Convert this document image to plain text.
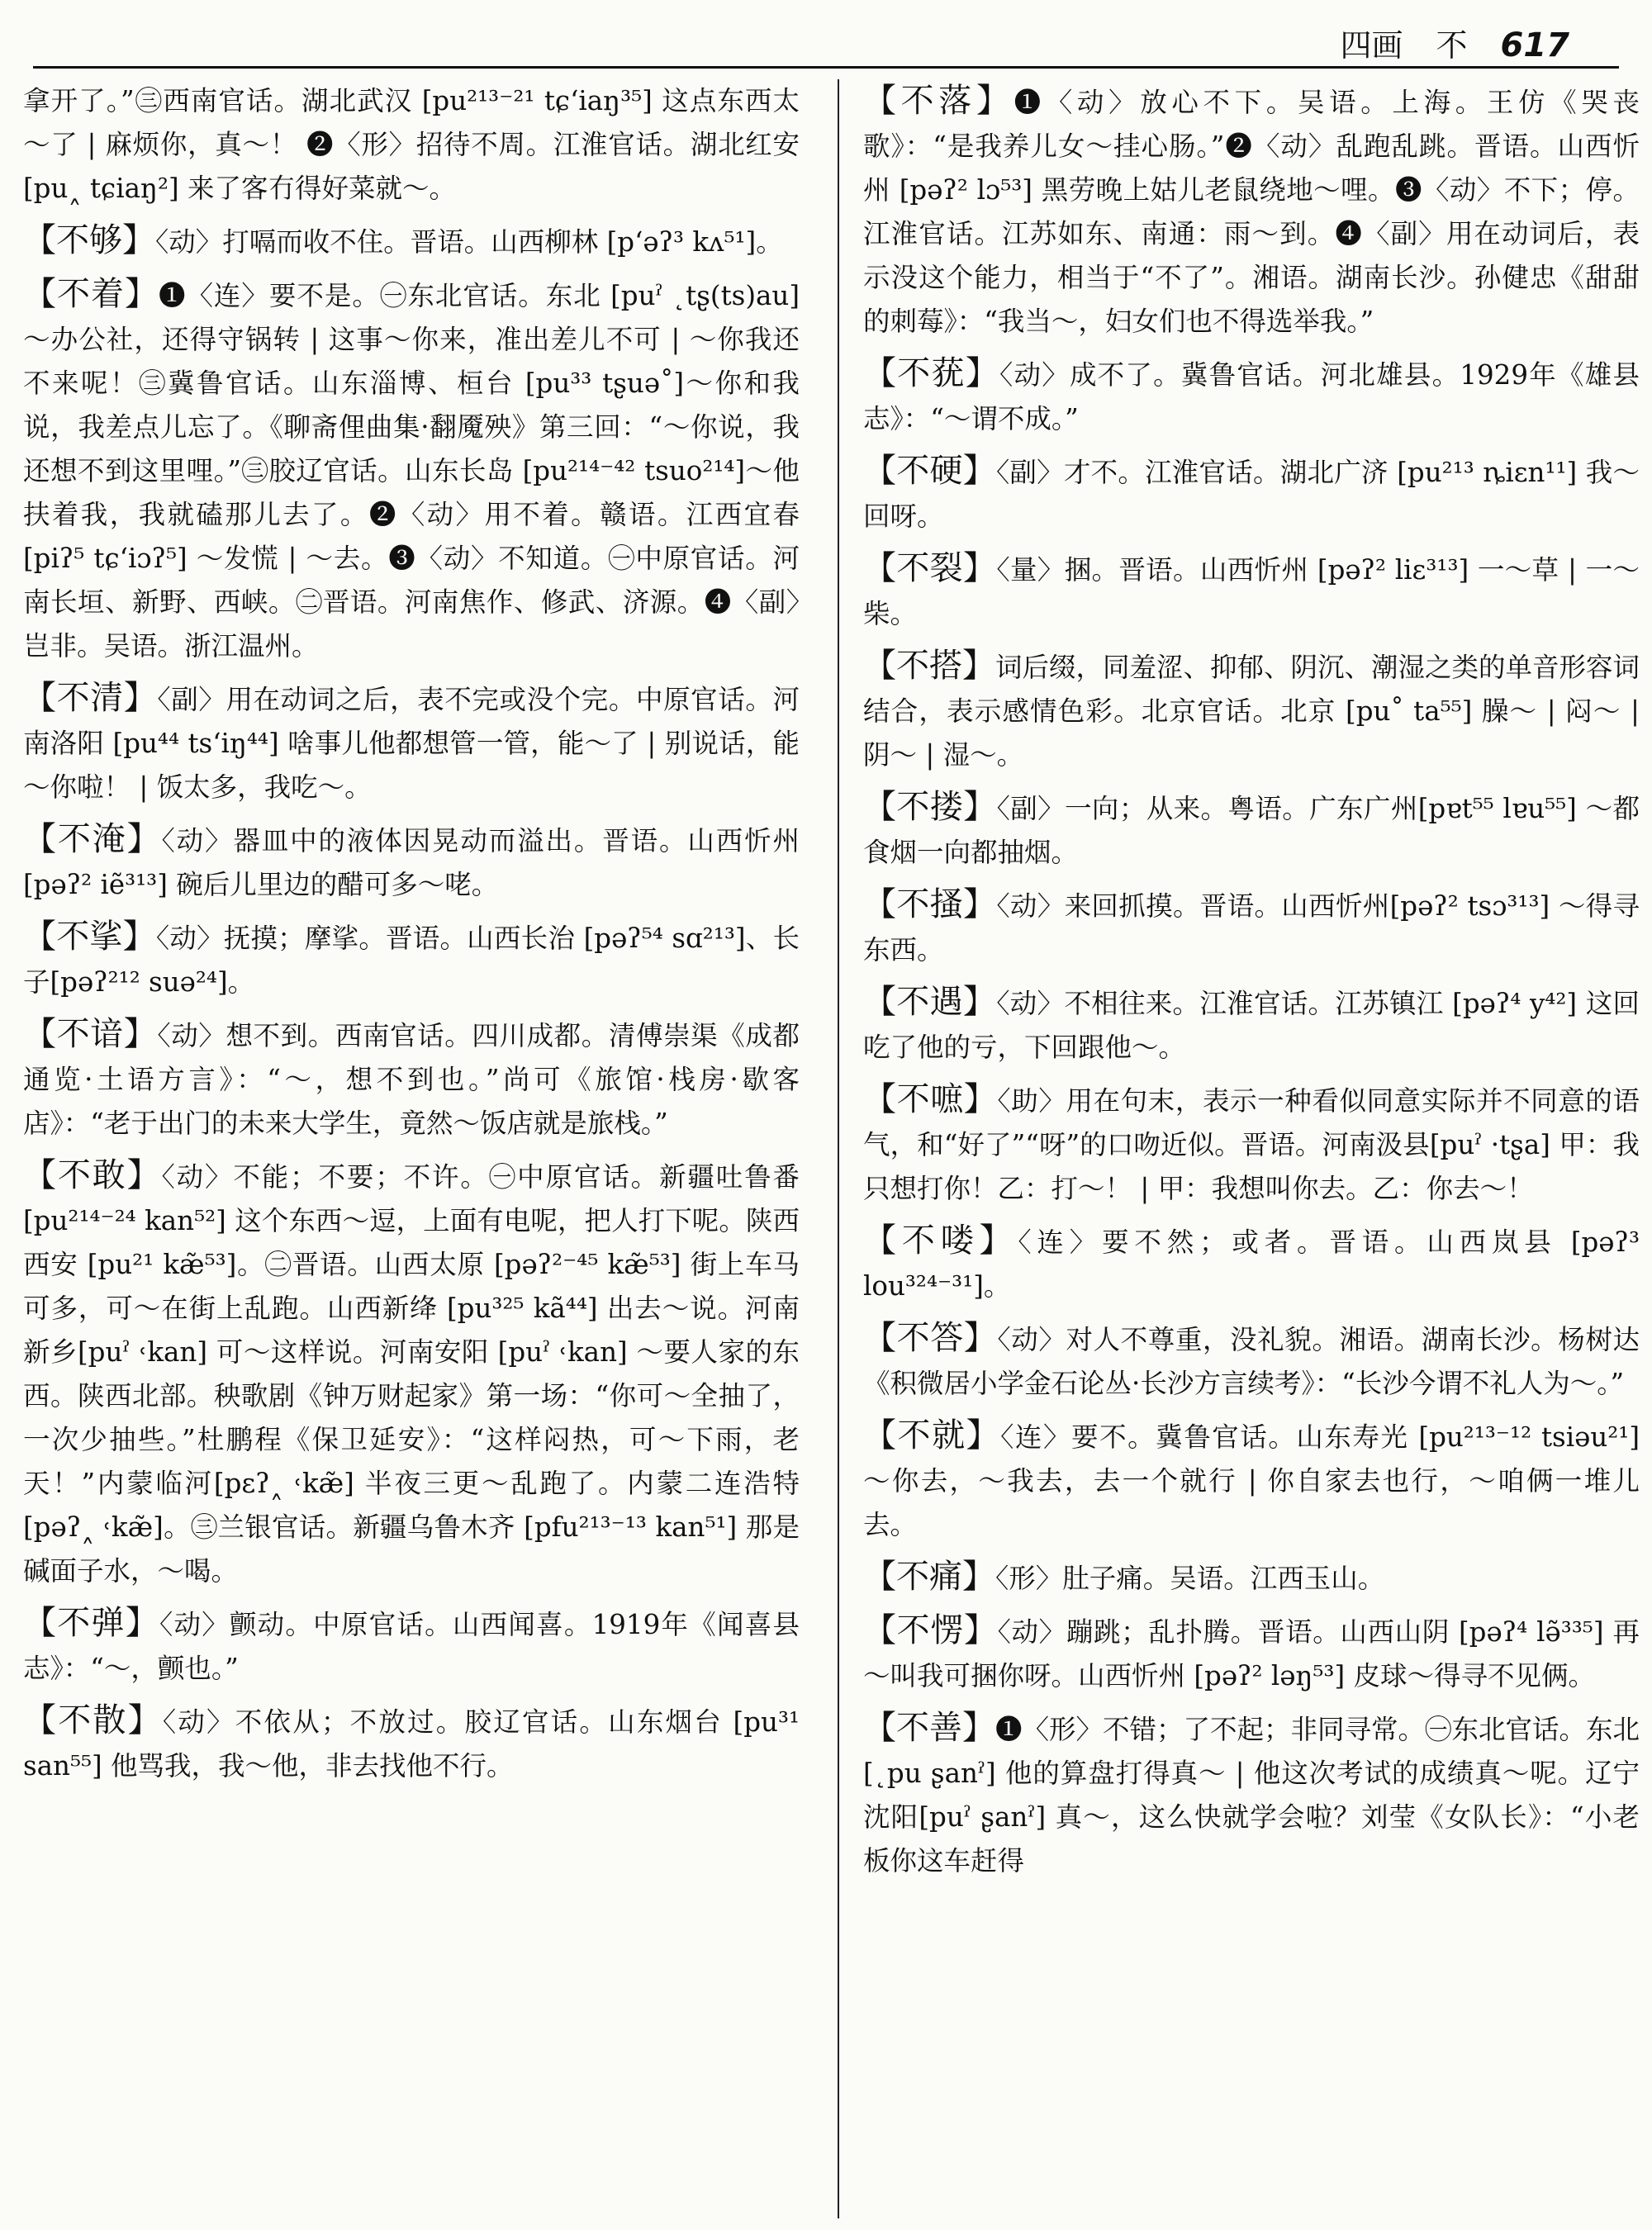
四画 不 617

拿开了。”㊂西南官话。湖北武汉 [pu²¹³⁻²¹ tɕʻiaŋ³⁵] 这点东西太～了 | 麻烦你，真～！ ❷〈形〉招待不周。江淮官话。湖北红安 [pu˰ tɕiaŋ²] 来了客冇得好菜就～。

【不够】〈动〉打嗝而收不住。晋语。山西柳林 [pʻəʔ³ kʌ⁵¹]。

【不着】❶〈连〉要不是。㊀东北官话。东北 [puˀ ˛tʂ(ts)au]～办公社，还得守锅转 | 这事～你来，准出差儿不可 | ～你我还不来呢！㊂冀鲁官话。山东淄博、桓台 [pu³³ tʂuə˚]～你和我说，我差点儿忘了。《聊斋俚曲集·翻魇殃》第三回：“～你说，我还想不到这里哩。”㊂胶辽官话。山东长岛 [pu²¹⁴⁻⁴² tsuo²¹⁴]～他扶着我，我就磕那儿去了。❷〈动〉用不着。赣语。江西宜春 [piʔ⁵ tɕʻiɔʔ⁵] ～发慌 | ～去。❸〈动〉不知道。㊀中原官话。河南长垣、新野、西峡。㊁晋语。河南焦作、修武、济源。❹〈副〉岂非。吴语。浙江温州。

【不清】〈副〉用在动词之后，表不完或没个完。中原官话。河南洛阳 [pu⁴⁴ tsʻiŋ⁴⁴] 啥事儿他都想管一管，能～了 | 别说话，能～你啦！ | 饭太多，我吃～。

【不淹】〈动〉器皿中的液体因晃动而溢出。晋语。山西忻州 [pəʔ² iẽ³¹³] 碗后儿里边的醋可多～咾。

【不挲】〈动〉抚摸；摩挲。晋语。山西长治 [pəʔ⁵⁴ sɑ²¹³]、长子[pəʔ²¹² suə²⁴]。

【不谙】〈动〉想不到。西南官话。四川成都。清傅崇渠《成都通览·土语方言》：“～，想不到也。”尚可《旅馆·栈房·歇客店》：“老于出门的未来大学生，竟然～饭店就是旅栈。”

【不敢】〈动〉不能；不要；不许。㊀中原官话。新疆吐鲁番 [pu²¹⁴⁻²⁴ kan⁵²] 这个东西～逗，上面有电呢，把人打下呢。陕西西安 [pu²¹ kæ̃⁵³]。㊁晋语。山西太原 [pəʔ²⁻⁴⁵ kæ̃⁵³] 街上车马可多，可～在街上乱跑。山西新绛 [pu³²⁵ kã⁴⁴] 出去～说。河南新乡[puˀ ˓kan] 可～这样说。河南安阳 [puˀ ˓kan] ～要人家的东西。陕西北部。秧歌剧《钟万财起家》第一场：“你可～全抽了，一次少抽些。”杜鹏程《保卫延安》：“这样闷热，可～下雨，老天！”内蒙临河[pɛʔ˰ ˓kæ̃] 半夜三更～乱跑了。内蒙二连浩特[pəʔ˰ ˓kæ̃]。㊂兰银官话。新疆乌鲁木齐 [pfu²¹³⁻¹³ kan⁵¹] 那是碱面子水，～喝。

【不弹】〈动〉颤动。中原官话。山西闻喜。1919年《闻喜县志》：“～，颤也。”

【不散】〈动〉不依从；不放过。胶辽官话。山东烟台 [pu³¹ san⁵⁵] 他骂我，我～他，非去找他不行。

【不落】❶〈动〉放心不下。吴语。上海。王仿《哭丧歌》：“是我养儿女～挂心肠。”❷〈动〉乱跑乱跳。晋语。山西忻州 [pəʔ² lɔ⁵³] 黑劳晚上姑儿老鼠绕地～哩。❸〈动〉不下；停。江淮官话。江苏如东、南通：雨～到。❹〈副〉用在动词后，表示没这个能力，相当于“不了”。湘语。湖南长沙。孙健忠《甜甜的刺莓》：“我当～，妇女们也不得选举我。”

【不莸】〈动〉成不了。冀鲁官话。河北雄县。1929年《雄县志》：“～谓不成。”

【不硬】〈副〉才不。江淮官话。湖北广济 [pu²¹³ ȵiɛn¹¹] 我～回呀。

【不裂】〈量〉捆。晋语。山西忻州 [pəʔ² liɛ³¹³] 一～草 | 一～柴。

【不搭】词后缀，同羞涩、抑郁、阴沉、潮湿之类的单音形容词结合，表示感情色彩。北京官话。北京 [pu˚ ta⁵⁵] 臊～ | 闷～ | 阴～ | 湿～。

【不搂】〈副〉一向；从来。粤语。广东广州[pɐt⁵⁵ lɐu⁵⁵] ～都食烟一向都抽烟。

【不搔】〈动〉来回抓摸。晋语。山西忻州[pəʔ² tsɔ³¹³] ～得寻东西。

【不遇】〈动〉不相往来。江淮官话。江苏镇江 [pəʔ⁴ y⁴²] 这回吃了他的亏，下回跟他～。

【不嗻】〈助〉用在句末，表示一种看似同意实际并不同意的语气，和“好了”“呀”的口吻近似。晋语。河南汲县[puˀ ·tʂa] 甲：我只想打你！乙：打～！ | 甲：我想叫你去。乙：你去～！

【不喽】〈连〉要不然；或者。晋语。山西岚县 [pəʔ³ lou³²⁴⁻³¹]。

【不答】〈动〉对人不尊重，没礼貌。湘语。湖南长沙。杨树达《积微居小学金石论丛·长沙方言续考》：“长沙今谓不礼人为～。”

【不就】〈连〉要不。冀鲁官话。山东寿光 [pu²¹³⁻¹² tsiəu²¹]～你去，～我去，去一个就行 | 你自家去也行，～咱俩一堆儿去。

【不痛】〈形〉肚子痛。吴语。江西玉山。

【不愣】〈动〉蹦跳；乱扑腾。晋语。山西山阴 [pəʔ⁴ lə̃³³⁵] 再～叫我可捆你呀。山西忻州 [pəʔ² ləŋ⁵³] 皮球～得寻不见俩。

【不善】❶〈形〉不错；了不起；非同寻常。㊀东北官话。东北 [˛pu ʂanˀ] 他的算盘打得真～ | 他这次考试的成绩真～呢。辽宁沈阳[puˀ ʂanˀ] 真～，这么快就学会啦？刘莹《女队长》：“小老板你这车赶得
